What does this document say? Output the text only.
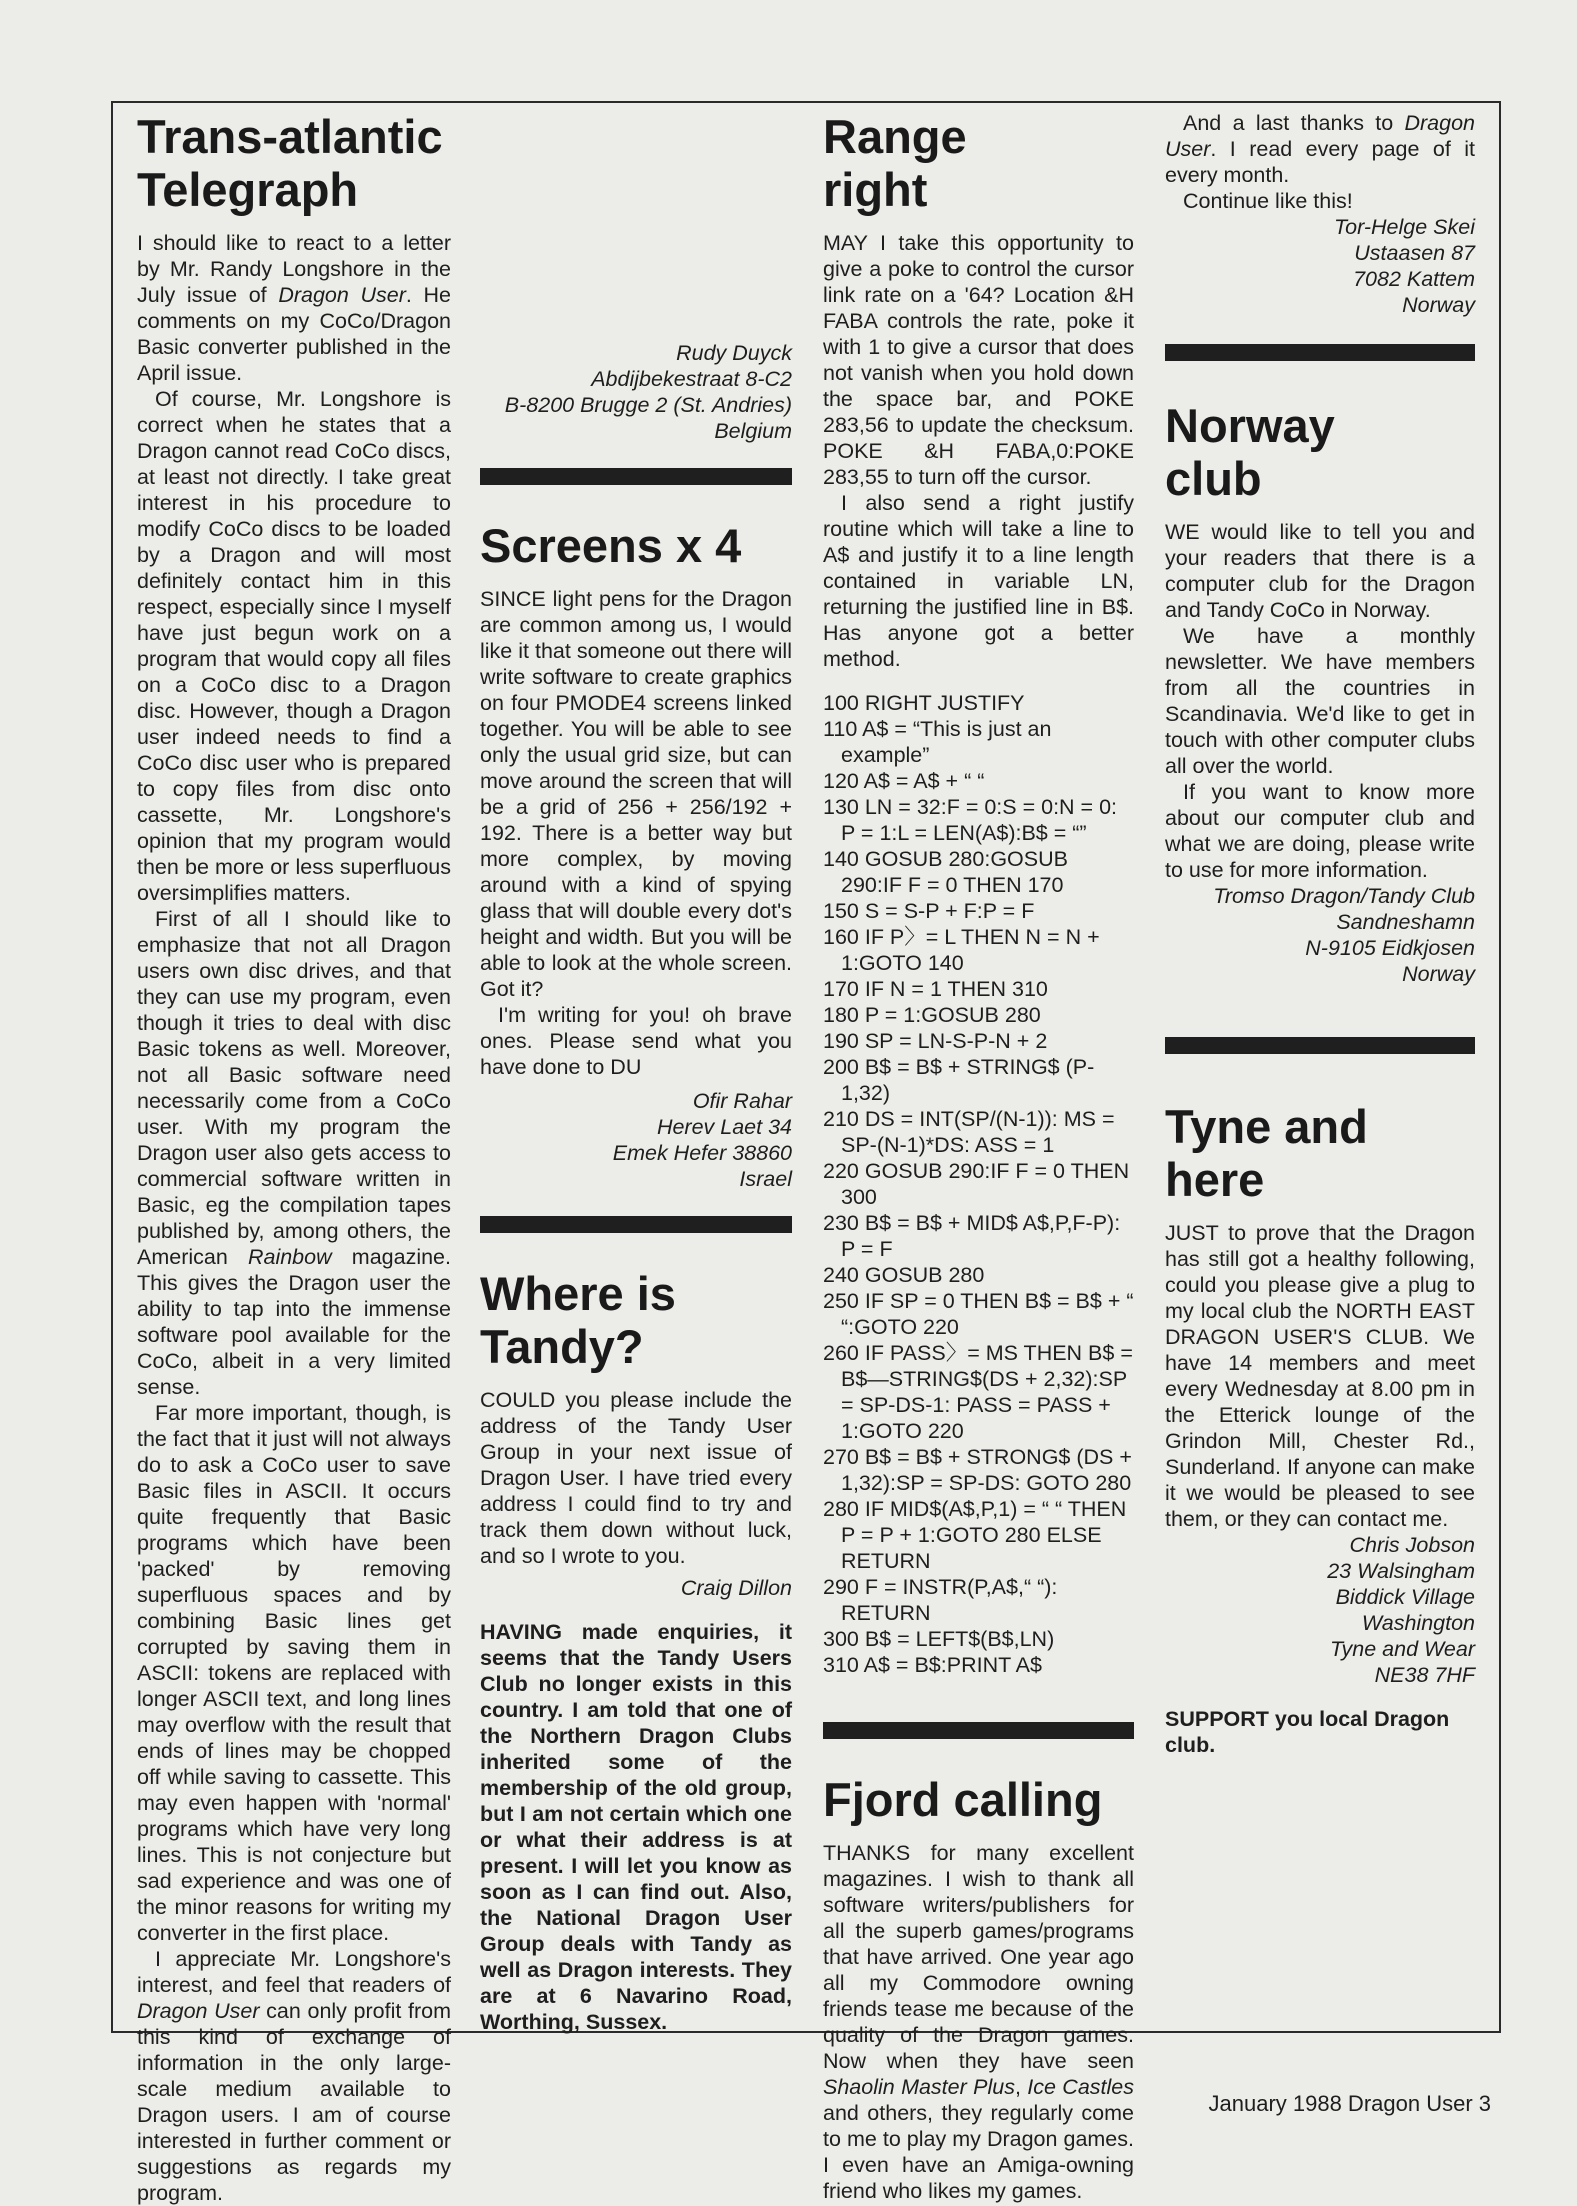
Trans-atlantic Telegraph

I should like to react to a letter by Mr. Randy Longshore in the July issue of Dragon User. He comments on my CoCo/Dragon Basic converter published in the April issue.

Of course, Mr. Longshore is correct when he states that a Dragon cannot read CoCo discs, at least not directly. I take great interest in his procedure to modify CoCo discs to be loaded by a Dragon and will most definitely contact him in this respect, especially since I myself have just begun work on a program that would copy all files on a CoCo disc to a Dragon disc. However, though a Dragon user indeed needs to find a CoCo disc user who is prepared to copy files from disc onto cassette, Mr. Longshore's opinion that my program would then be more or less superfluous oversimplifies matters.

First of all I should like to emphasize that not all Dragon users own disc drives, and that they can use my program, even though it tries to deal with disc Basic tokens as well. Moreover, not all Basic software need necessarily come from a CoCo user. With my program the Dragon user also gets access to commercial software written in Basic, eg the compilation tapes published by, among others, the American Rainbow magazine. This gives the Dragon user the ability to tap into the immense software pool available for the CoCo, albeit in a very limited sense.

Far more important, though, is the fact that it just will not always do to ask a CoCo user to save Basic files in ASCII. It occurs quite frequently that Basic programs which have been 'packed' by removing superfluous spaces and by combining Basic lines get corrupted by saving them in ASCII: tokens are replaced with longer ASCII text, and long lines may overflow with the result that ends of lines may be chopped off while saving to cassette. This may even happen with 'normal' programs which have very long lines. This is not conjecture but sad experience and was one of the minor reasons for writing my converter in the first place.

I appreciate Mr. Longshore's interest, and feel that readers of Dragon User can only profit from this kind of exchange of information in the only large-scale medium available to Dragon users. I am of course interested in further comment or suggestions as regards my program.

Rudy Duyck

Abdijbekestraat 8-C2

B-8200 Brugge 2 (St. Andries)

Belgium

Screens x 4

SINCE light pens for the Dragon are common among us, I would like it that someone out there will write software to create graphics on four PMODE4 screens linked together. You will be able to see only the usual grid size, but can move around the screen that will be a grid of 256 + 256/192 + 192. There is a better way but more complex, by moving around with a kind of spying glass that will double every dot's height and width. But you will be able to look at the whole screen. Got it?

I'm writing for you! oh brave ones. Please send what you have done to DU

Ofir Rahar

Herev Laet 34

Emek Hefer 38860

Israel

Where is Tandy?

COULD you please include the address of the Tandy User Group in your next issue of Dragon User. I have tried every address I could find to try and track them down without luck, and so I wrote to you.

Craig Dillon

HAVING made enquiries, it seems that the Tandy Users Club no longer exists in this country. I am told that one of the Northern Dragon Clubs inherited some of the membership of the old group, but I am not certain which one or what their address is at present. I will let you know as soon as I can find out. Also, the National Dragon User Group deals with Tandy as well as Dragon interests. They are at 6 Navarino Road, Worthing, Sussex.

Range right

MAY I take this opportunity to give a poke to control the cursor link rate on a '64? Location &H FABA controls the rate, poke it with 1 to give a cursor that does not vanish when you hold down the space bar, and POKE 283,56 to update the checksum. POKE &H FABA,0:POKE 283,55 to turn off the cursor.

I also send a right justify routine which will take a line to A$ and justify it to a line length contained in variable LN, returning the justified line in B$. Has anyone got a better method.

100 RIGHT JUSTIFY
110 A$ = “This is just an example”
120 A$ = A$ + “ “
130 LN = 32:F = 0:S = 0:N = 0: P = 1:L = LEN(A$):B$ = “”
140 GOSUB 280:GOSUB 290:IF F = 0 THEN 170
150 S = S-P + F:P = F
160 IF P〉= L THEN N = N + 1:GOTO 140
170 IF N = 1 THEN 310
180 P = 1:GOSUB 280
190 SP = LN-S-P-N + 2
200 B$ = B$ + STRING$ (P-1,32)
210 DS = INT(SP/(N-1)): MS = SP-(N-1)*DS: ASS = 1
220 GOSUB 290:IF F = 0 THEN 300
230 B$ = B$ + MID$ A$,P,F-P): P = F
240 GOSUB 280
250 IF SP = 0 THEN B$ = B$ + “ “:GOTO 220
260 IF PASS〉= MS THEN B$ = B$—STRING$(DS + 2,32):SP = SP-DS-1: PASS = PASS + 1:GOTO 220
270 B$ = B$ + STRONG$ (DS + 1,32):SP = SP-DS: GOTO 280
280 IF MID$(A$,P,1) = “ “ THEN P = P + 1:GOTO 280 ELSE RETURN
290 F = INSTR(P,A$,“ “): RETURN
300 B$ = LEFT$(B$,LN)
310 A$ = B$:PRINT A$
Fjord calling

THANKS for many excellent magazines. I wish to thank all software writers/publishers for all the superb games/programs that have arrived. One year ago all my Commodore owning friends tease me because of the quality of the Dragon games. Now when they have seen Shaolin Master Plus, Ice Castles and others, they regularly come to me to play my Dragon games. I even have an Amiga-owning friend who likes my games.

And a last thanks to Dragon User. I read every page of it every month.

Continue like this!

Tor-Helge Skei

Ustaasen 87

7082 Kattem

Norway

Norway club

WE would like to tell you and your readers that there is a computer club for the Dragon and Tandy CoCo in Norway.

We have a monthly newsletter. We have members from all the countries in Scandinavia. We'd like to get in touch with other computer clubs all over the world.

If you want to know more about our computer club and what we are doing, please write to use for more information.

Tromso Dragon/Tandy Club

Sandneshamn

N-9105 Eidkjosen

Norway

Tyne and here

JUST to prove that the Dragon has still got a healthy following, could you please give a plug to my local club the NORTH EAST DRAGON USER'S CLUB. We have 14 members and meet every Wednesday at 8.00 pm in the Etterick lounge of the Grindon Mill, Chester Rd., Sunderland. If anyone can make it we would be pleased to see them, or they can contact me.

Chris Jobson

23 Walsingham

Biddick Village

Washington

Tyne and Wear

NE38 7HF

SUPPORT you local Dragon club.

January 1988 Dragon User 3
